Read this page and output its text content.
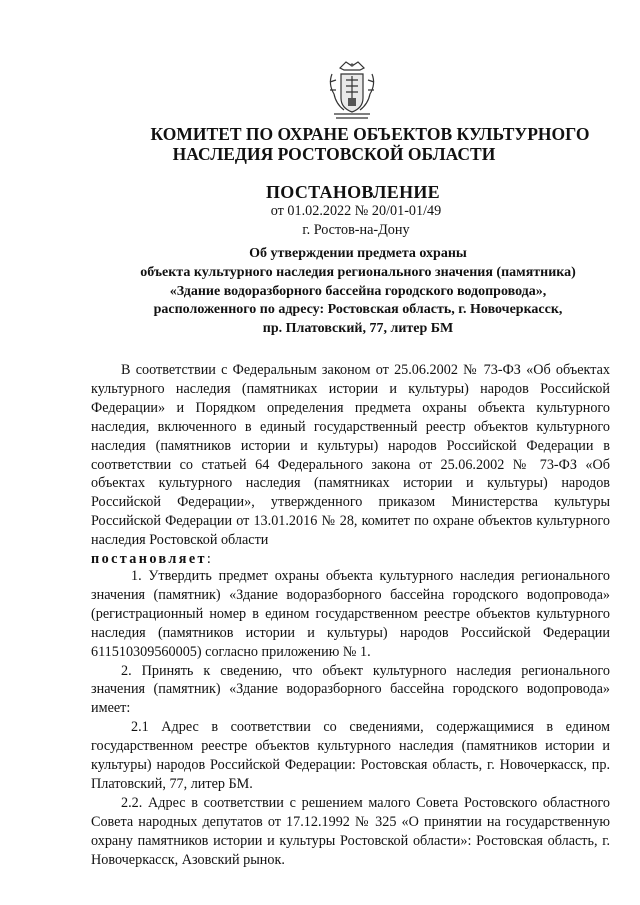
КОМИТЕТ ПО ОХРАНЕ ОБЪЕКТОВ КУЛЬТУРНОГО
НАСЛЕДИЯ РОСТОВСКОЙ ОБЛАСТИ
ПОСТАНОВЛЕНИЕ
от 01.02.2022 № 20/01-01/49
г. Ростов-на-Дону
Об утверждении предмета охраны
объекта культурного наследия регионального значения (памятника)
«Здание водоразборного бассейна городского водопровода»,
расположенного по адресу: Ростовская область, г. Новочеркасск,
пр. Платовский, 77, литер БМ

В соответствии с Федеральным законом от 25.06.2002 № 73-ФЗ «Об объектах культурного наследия (памятниках истории и культуры) народов Российской Федерации» и Порядком определения предмета охраны объекта культурного наследия, включенного в единый государственный реестр объектов культурного наследия (памятников истории и культуры) народов Российской Федерации в соответствии со статьей 64 Федерального закона от 25.06.2002 № 73-ФЗ «Об объектах культурного наследия (памятниках истории и культуры) народов Российской Федерации», утвержденного приказом Министерства культуры Российской Федерации от 13.01.2016 № 28, комитет по охране объектов культурного наследия Ростовской области
постановляет:

1. Утвердить предмет охраны объекта культурного наследия регионального значения (памятник) «Здание водоразборного бассейна городского водопровода» (регистрационный номер в едином государственном реестре объектов культурного наследия (памятников истории и культуры) народов Российской Федерации 611510309560005) согласно приложению № 1.

2. Принять к сведению, что объект культурного наследия регионального значения (памятник) «Здание водоразборного бассейна городского водопровода» имеет:

2.1 Адрес в соответствии со сведениями, содержащимися в едином государственном реестре объектов культурного наследия (памятников истории и культуры) народов Российской Федерации: Ростовская область, г. Новочеркасск, пр. Платовский, 77, литер БМ.

2.2. Адрес в соответствии с решением малого Совета Ростовского областного Совета народных депутатов от 17.12.1992 № 325 «О принятии на государственную охрану памятников истории и культуры Ростовской области»: Ростовская область, г. Новочеркасск, Азовский рынок.
